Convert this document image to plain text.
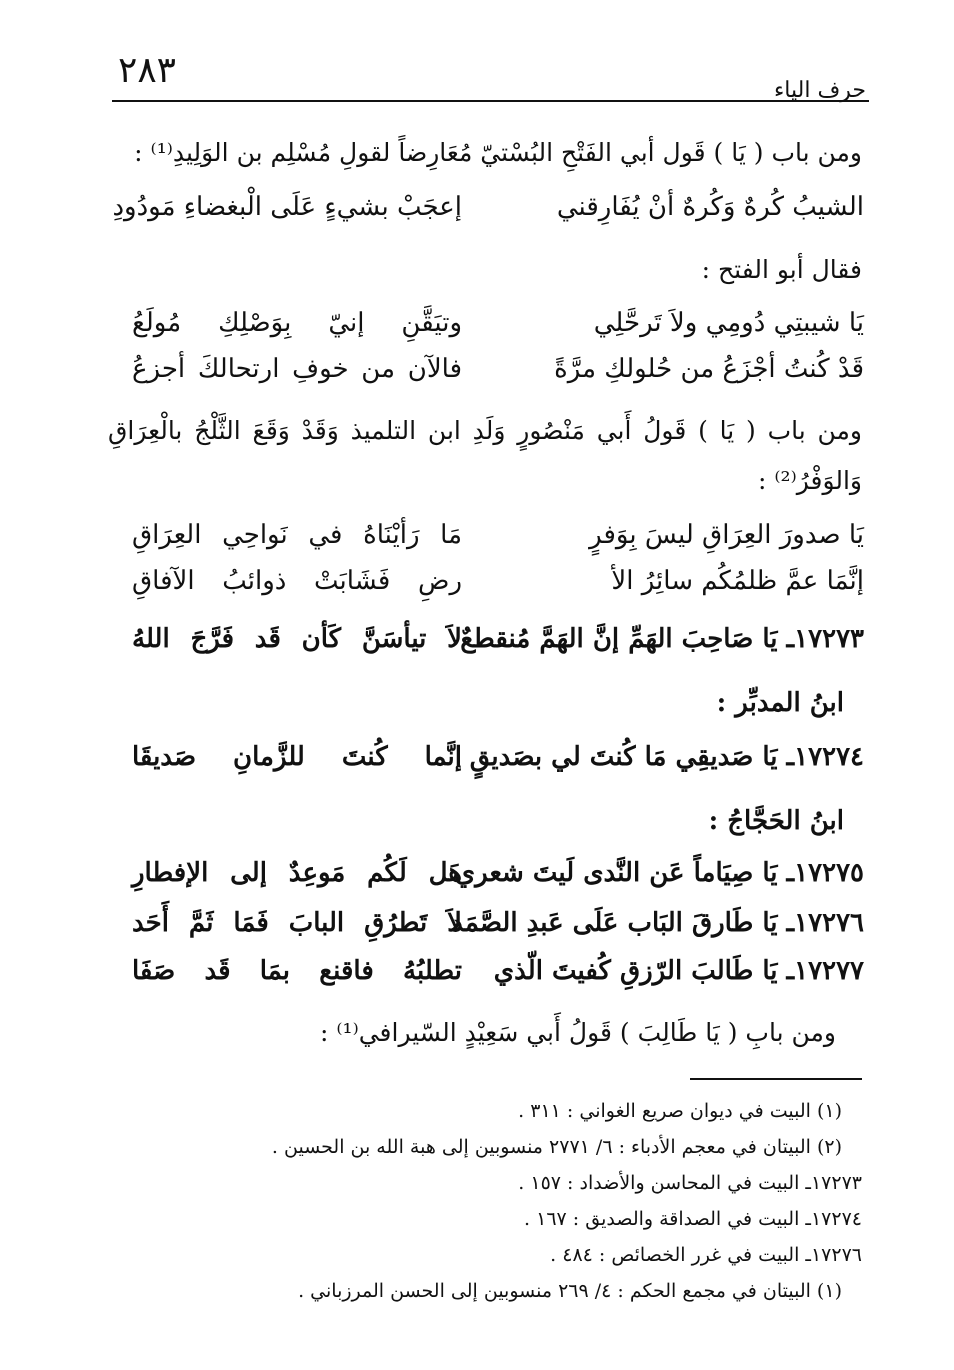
٢٨٣	حرف الياء
ومن باب ( يَا ) قَول أبي الفَتْحِ البُسْتيّ مُعَارِضاً لقولِ مُسْلِم بن الوَلِيدِ⁽¹⁾ :
الشيبُ كُرهٌ وَكُرهٌ أنْ يُفَارِقني
إعجَبْ بشيءٍ عَلَى الْبغضاءِ مَودُودِ
فقال أبو الفتح :
يَا شيبتِي دُومِي ولاَ تَرحَّلِي
وتيَقَّنِ إنيّ بِوَصْلِكِ مُولَعُ
قَدْ كُنتُ أجْزَعُ من حُلولكِ مرَّةً
فالآن من خوفِ ارتحالكَ أجزعُ
ومن باب ( يَا ) قَولُ أَبي مَنْصُورٍ وَلَدِ ابن التلميذ وَقَدْ وَقَعَ الثَّلْجُ بالْعِرَاقِ
وَالوَفْرُ⁽²⁾ :
يَا صدورَ العِرَاقِ ليسَ بِوَفرٍ
مَا رَأيْنَاهُ في نَواحِي العِرَاقِ
إنَّمَا عمَّ ظلمُكُم سائِرُ الأ
رضِ فَشَابَتْ ذوائبُ الآفاقِ
١٧٢٧٣ـ يَا صَاحِبَ الهَمِّ إنَّ الهَمَّ مُنقطعٌ
لاَ تيأسَنَّ كَأن قَد فَرَّجَ اللهُ
ابنُ المدبِّر :
١٧٢٧٤ـ يَا صَديقِي مَا كُنتَ لي بصَديقٍ
إنَّما كُنتَ للزَّمانِ صَديقَا
ابنُ الحَجَّاجُ :
١٧٢٧٥ـ يَا صِيَاماً عَن النَّدى لَيتَ شعري
هَل لَكُم مَوعِدٌ إلى الإفطارِ
١٧٢٧٦ـ يَا طَارقَ البَاب عَلَى عَبدِ الصَّمَد
لاَ تَطرُقِ البابَ فَمَا ثَمَّ أَحَد
١٧٢٧٧ـ يَا طَالبَ الرّزقِ كُفيتَ الّذي
تطلبُهُ فاقنع بمَا قَد صَفَا
ومن بابِ ( يَا طَالِبَ ) قَولُ أَبي سَعِيْدٍ السّيرافي⁽¹⁾ :
(١) البيت في ديوان صريع الغواني : ٣١١ .
(٢) البيتان في معجم الأدباء : ٦/ ٢٧٧١ منسوبين إلى هبة الله بن الحسين .
١٧٢٧٣ـ البيت في المحاسن والأضداد : ١٥٧ .
١٧٢٧٤ـ البيت في الصداقة والصديق : ١٦٧ .
١٧٢٧٦ـ البيت في غرر الخصائص : ٤٨٤ .
(١) البيتان في مجمع الحكم : ٤/ ٢٦٩ منسوبين إلى الحسن المرزباني .
